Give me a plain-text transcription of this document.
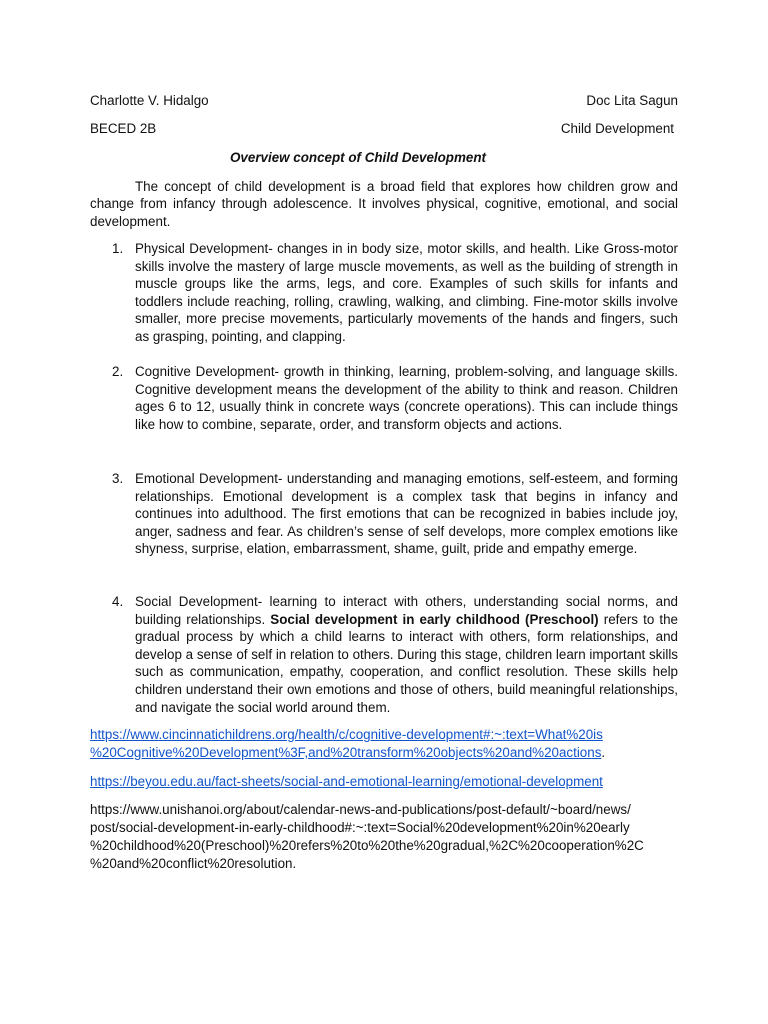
Charlotte V. Hidalgo	Doc Lita Sagun
BECED 2B	Child Development
Overview concept of Child Development

The concept of child development is a broad field that explores how children grow and change from infancy through adolescence. It involves physical, cognitive, emotional, and social development.

1. Physical Development- changes in in body size, motor skills, and health. Like Gross-motor skills involve the mastery of large muscle movements, as well as the building of strength in muscle groups like the arms, legs, and core. Examples of such skills for infants and toddlers include reaching, rolling, crawling, walking, and climbing. Fine-motor skills involve smaller, more precise movements, particularly movements of the hands and fingers, such as grasping, pointing, and clapping.

2. Cognitive Development- growth in thinking, learning, problem-solving, and language skills. Cognitive development means the development of the ability to think and reason. Children ages 6 to 12, usually think in concrete ways (concrete operations). This can include things like how to combine, separate, order, and transform objects and actions.

3. Emotional Development- understanding and managing emotions, self-esteem, and forming relationships. Emotional development is a complex task that begins in infancy and continues into adulthood. The first emotions that can be recognized in babies include joy, anger, sadness and fear. As children’s sense of self develops, more complex emotions like shyness, surprise, elation, embarrassment, shame, guilt, pride and empathy emerge.

4. Social Development- learning to interact with others, understanding social norms, and building relationships. Social development in early childhood (Preschool) refers to the gradual process by which a child learns to interact with others, form relationships, and develop a sense of self in relation to others. During this stage, children learn important skills such as communication, empathy, cooperation, and conflict resolution. These skills help children understand their own emotions and those of others, build meaningful relationships, and navigate the social world around them.

https://www.cincinnatichildrens.org/health/c/cognitive-development#:~:text=What%20is
%20Cognitive%20Development%3F,and%20transform%20objects%20and%20actions.
https://beyou.edu.au/fact-sheets/social-and-emotional-learning/emotional-development
https://www.unishanoi.org/about/calendar-news-and-publications/post-default/~board/news/
post/social-development-in-early-childhood#:~:text=Social%20development%20in%20early
%20childhood%20(Preschool)%20refers%20to%20the%20gradual,%2C%20cooperation%2C
%20and%20conflict%20resolution.
